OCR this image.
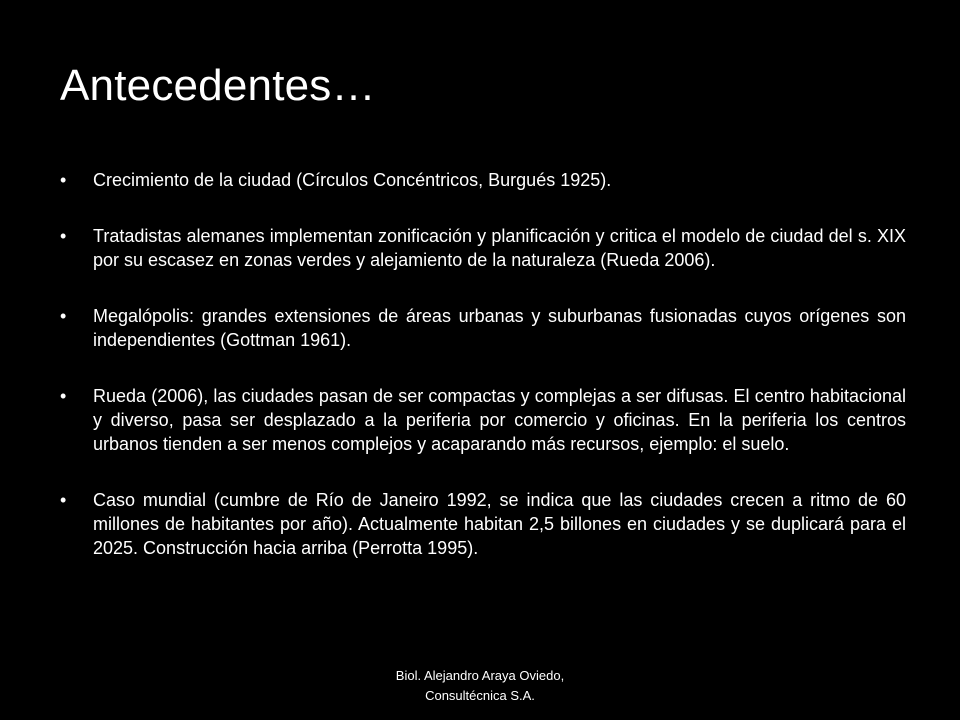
Antecedentes…
• Crecimiento de la ciudad (Círculos Concéntricos, Burgués 1925).
• Tratadistas alemanes implementan zonificación y planificación y critica el modelo de ciudad del s. XIX por su escasez en zonas verdes y alejamiento de la naturaleza (Rueda 2006).
• Megalópolis: grandes extensiones de áreas urbanas y suburbanas fusionadas cuyos orígenes son independientes (Gottman 1961).
• Rueda (2006), las ciudades pasan de ser compactas y complejas a ser difusas. El centro habitacional y diverso, pasa ser desplazado a la periferia por comercio y oficinas. En la periferia los centros urbanos tienden a ser menos complejos y acaparando más recursos, ejemplo: el suelo.
• Caso mundial (cumbre de Río de Janeiro 1992, se indica que las ciudades crecen a ritmo de 60 millones de habitantes por año). Actualmente habitan 2,5 billones en ciudades y se duplicará para el 2025. Construcción hacia arriba (Perrotta 1995).
Biol. Alejandro Araya Oviedo,
Consultécnica S.A.
